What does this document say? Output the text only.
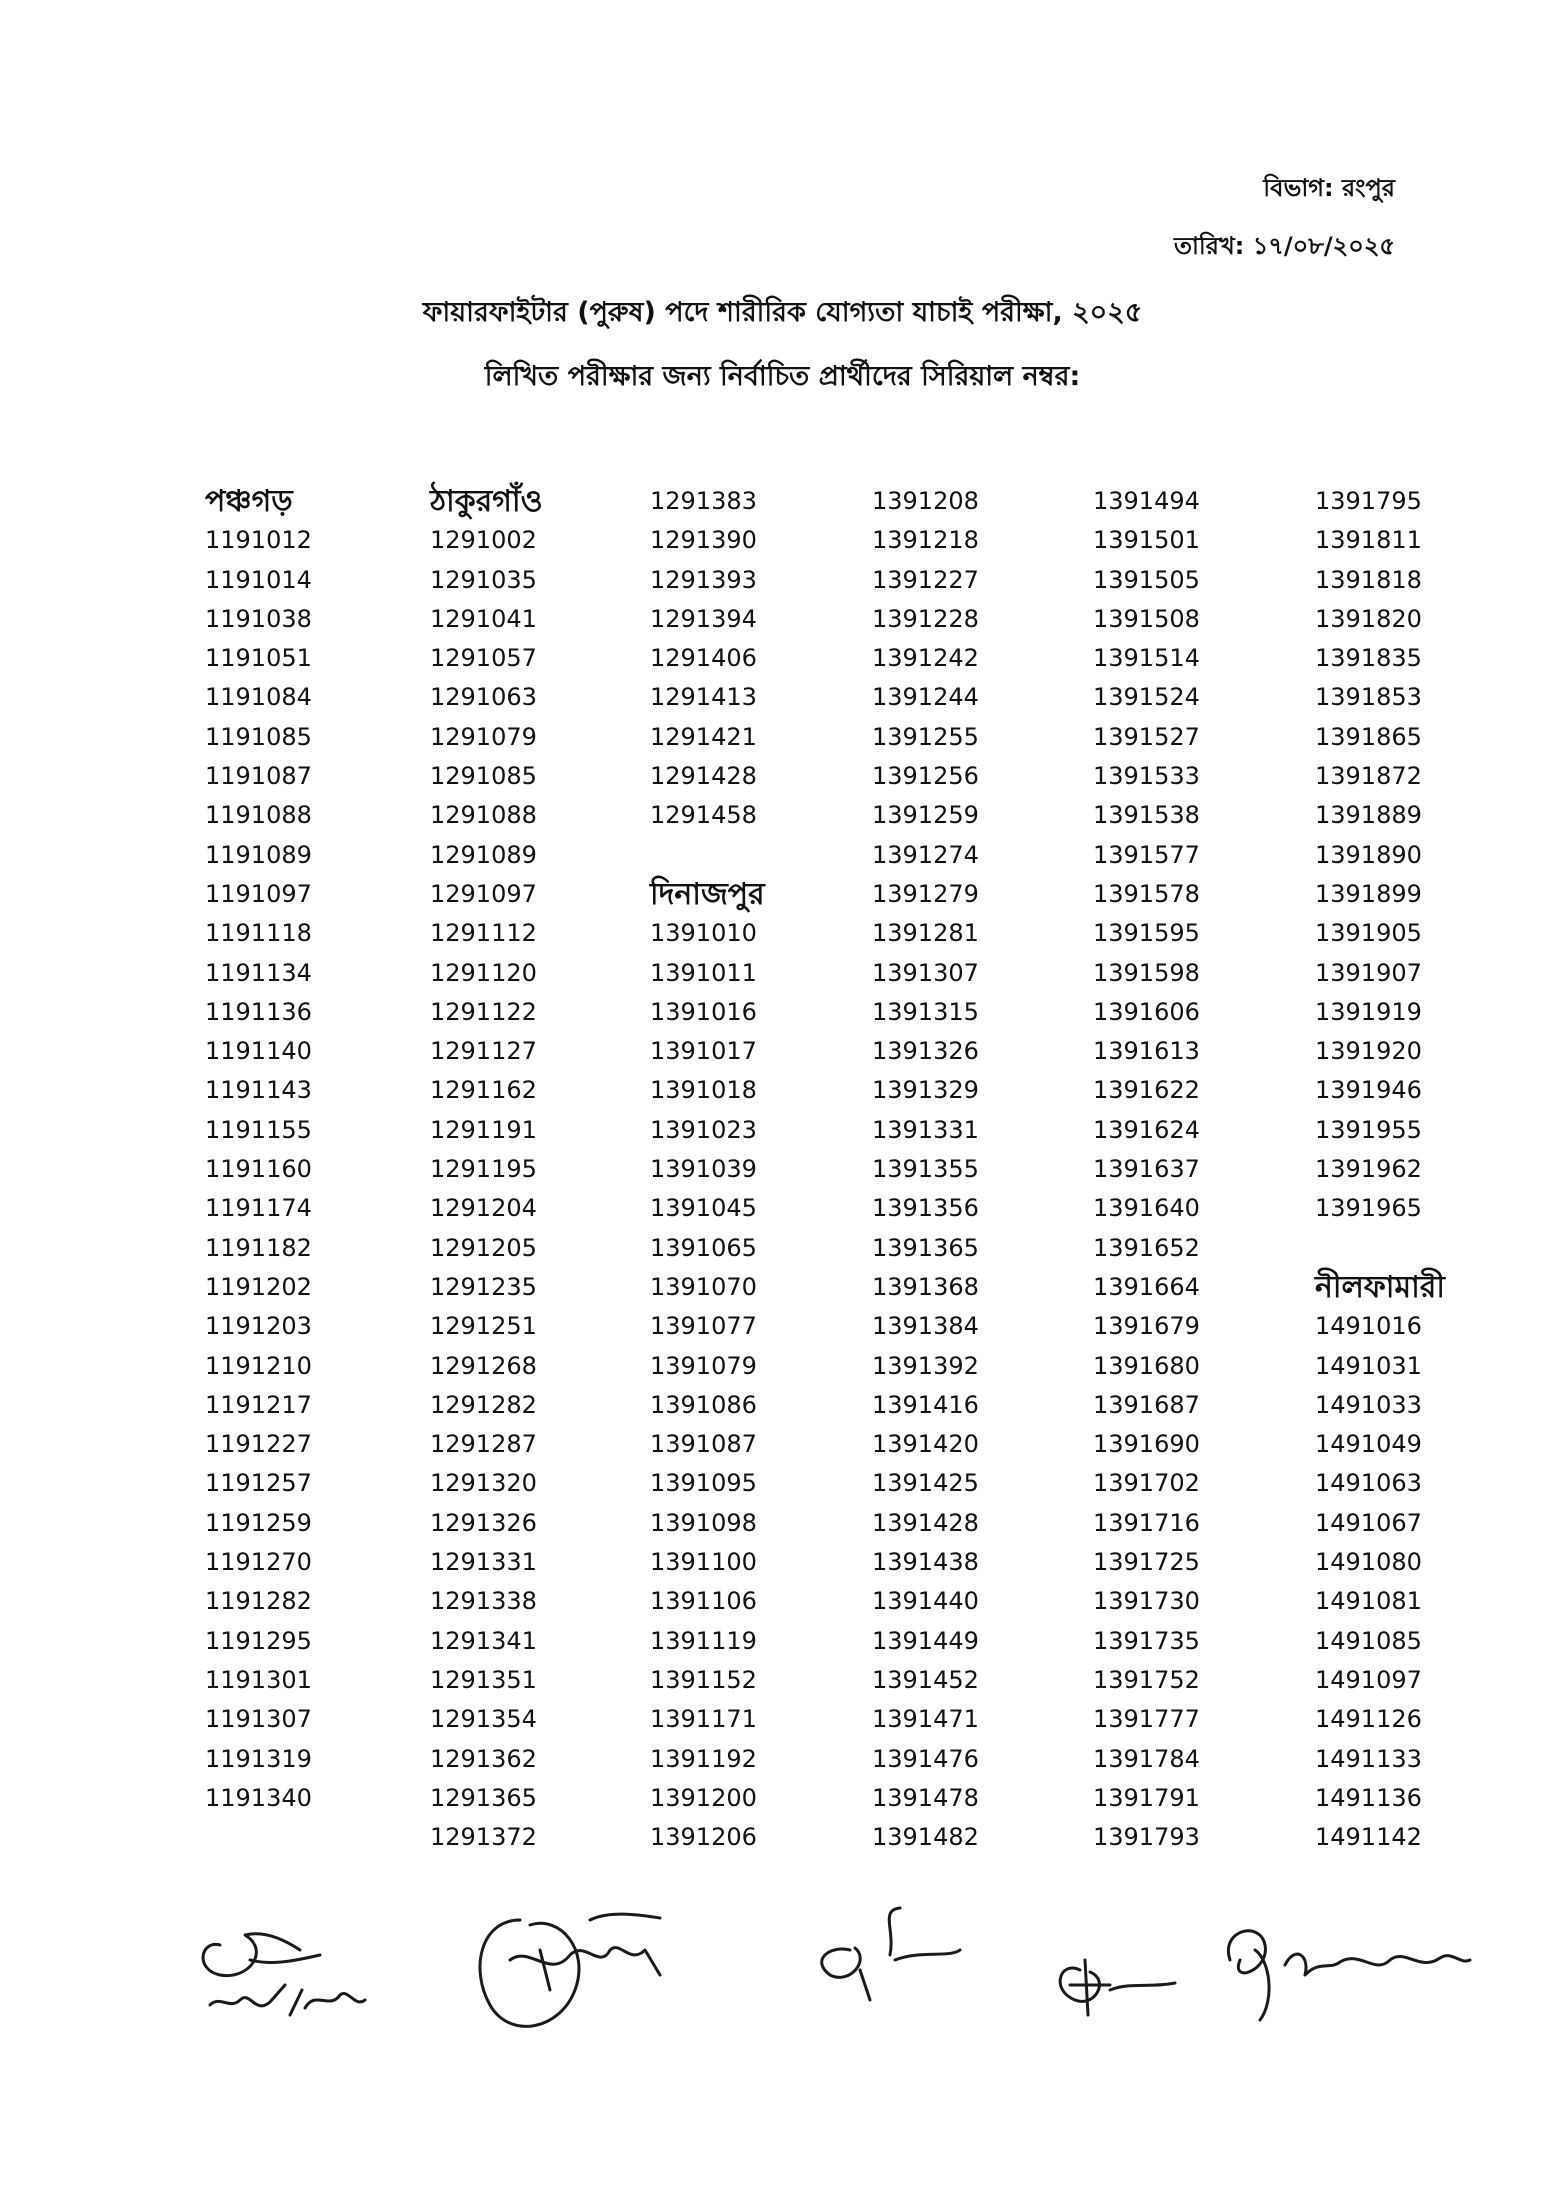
বিভাগ: রংপুর
তারিখ: ১৭/০৮/২০২৫
ফায়ারফাইটার (পুরুষ) পদে শারীরিক যোগ্যতা যাচাই পরীক্ষা, ২০২৫
লিখিত পরীক্ষার জন্য নির্বাচিত প্রার্থীদের সিরিয়াল নম্বর:
পঞ্চগড়
1191012
1191014
1191038
1191051
1191084
1191085
1191087
1191088
1191089
1191097
1191118
1191134
1191136
1191140
1191143
1191155
1191160
1191174
1191182
1191202
1191203
1191210
1191217
1191227
1191257
1191259
1191270
1191282
1191295
1191301
1191307
1191319
1191340
ঠাকুরগাঁও
1291002
1291035
1291041
1291057
1291063
1291079
1291085
1291088
1291089
1291097
1291112
1291120
1291122
1291127
1291162
1291191
1291195
1291204
1291205
1291235
1291251
1291268
1291282
1291287
1291320
1291326
1291331
1291338
1291341
1291351
1291354
1291362
1291365
1291372
1291383
1291390
1291393
1291394
1291406
1291413
1291421
1291428
1291458
দিনাজপুর
1391010
1391011
1391016
1391017
1391018
1391023
1391039
1391045
1391065
1391070
1391077
1391079
1391086
1391087
1391095
1391098
1391100
1391106
1391119
1391152
1391171
1391192
1391200
1391206
1391208
1391218
1391227
1391228
1391242
1391244
1391255
1391256
1391259
1391274
1391279
1391281
1391307
1391315
1391326
1391329
1391331
1391355
1391356
1391365
1391368
1391384
1391392
1391416
1391420
1391425
1391428
1391438
1391440
1391449
1391452
1391471
1391476
1391478
1391482
1391494
1391501
1391505
1391508
1391514
1391524
1391527
1391533
1391538
1391577
1391578
1391595
1391598
1391606
1391613
1391622
1391624
1391637
1391640
1391652
1391664
1391679
1391680
1391687
1391690
1391702
1391716
1391725
1391730
1391735
1391752
1391777
1391784
1391791
1391793
1391795
1391811
1391818
1391820
1391835
1391853
1391865
1391872
1391889
1391890
1391899
1391905
1391907
1391919
1391920
1391946
1391955
1391962
1391965
নীলফামারী
1491016
1491031
1491033
1491049
1491063
1491067
1491080
1491081
1491085
1491097
1491126
1491133
1491136
1491142
